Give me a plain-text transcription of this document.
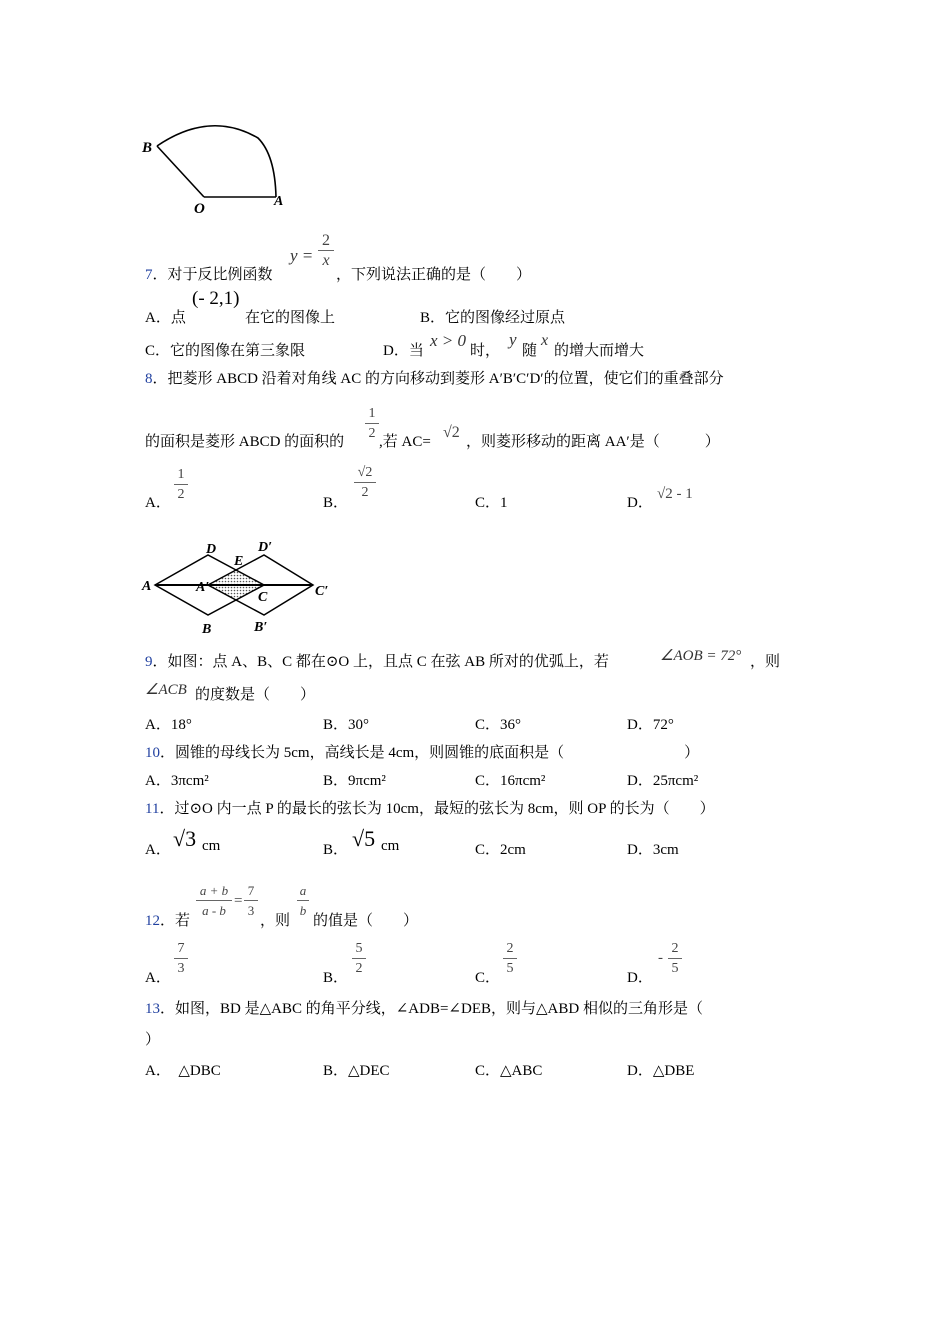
B
O	A
y =
2
x
7．对于反比例函数	，下列说法正确的是（　　）
A．点
(- 2,1)
在它的图像上	B．它的图像经过原点
C．它的图像在第三象限	D．当
x > 0
时，
y
随
x
的增大而增大
8．把菱形 ABCD 沿着对角线 AC 的方向移动到菱形 A′B′C′D′的位置，使它们的重叠部分
的面积是菱形 ABCD 的面积的
1
2
,若 AC=
√2
，则菱形移动的距离 AA′是（　　　）
A．
1
2
B．
√2
2
C．1	D．
√2 - 1
A
D
E
D′
A′
C	C′
B	B′
9．如图：点 A、B、C 都在⊙O 上，且点 C 在弦 AB 所对的优弧上，若	∠AOB = 72° ，则
∠ACB 的度数是（　　）
A．18°	B．30°	C．36°	D．72°
10．圆锥的母线长为 5cm，高线长是 4cm，则圆锥的底面积是（　　　　　　　　）
A．3πcm²	B．9πcm²	C．16πcm²	D．25πcm²
11．过⊙O 内一点 P 的最长的弦长为 10cm，最短的弦长为 8cm，则 OP 的长为（　　）
A． √3 cm	B． √5 cm	C．2cm	D．3cm
12．若
a + b
a - b
=
7
3
，则
a
b
的值是（　　）
A．
7
3
B．
5
2
C．
2
5
D．
-
2
5
13．如图，BD 是△ABC 的角平分线，∠ADB=∠DEB，则与△ABD 相似的三角形是（
）
A．　△DBC	B．△DEC	C．△ABC	D．△DBE
